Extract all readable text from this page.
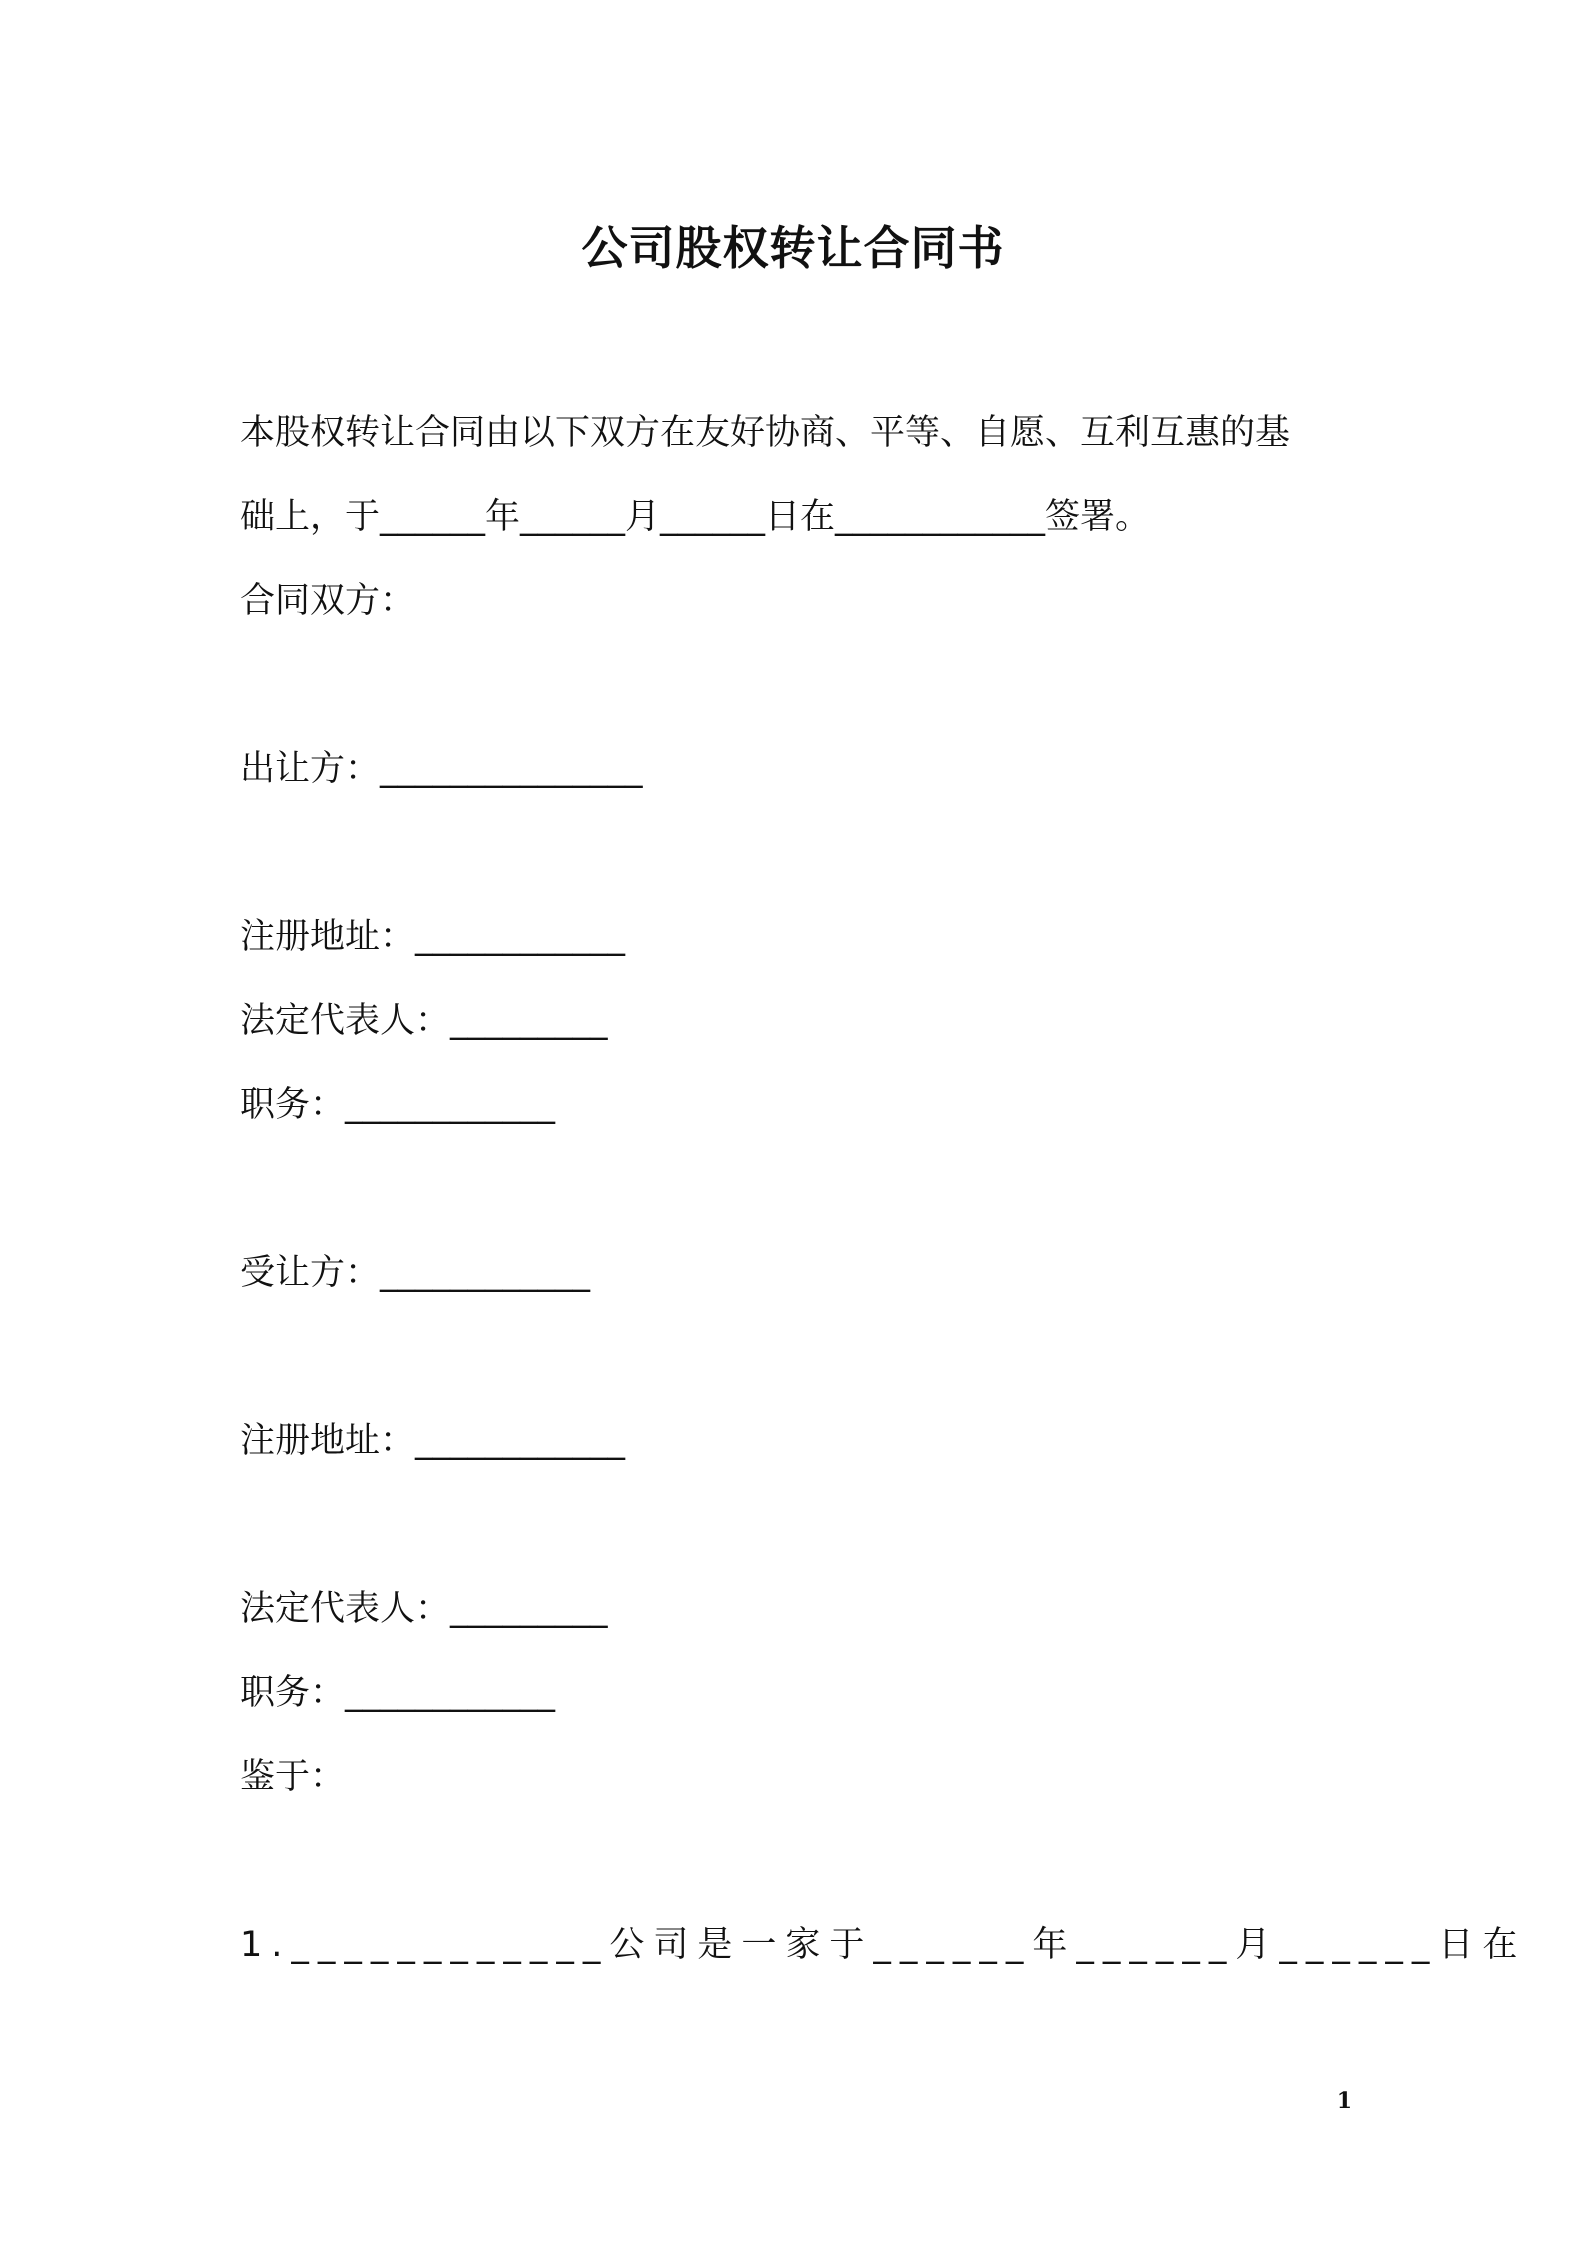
公司股权转让合同书
本股权转让合同由以下双方在友好协商、平等、自愿、互利互惠的基
础上，于______年______月______日在____________签署。
合同双方：
出让方：_______________
注册地址：____________
法定代表人：_________
职务：____________
受让方：____________
注册地址：____________
法定代表人：_________
职务：____________
鉴于：
1.____________公司是一家于______年______月______日在
1
